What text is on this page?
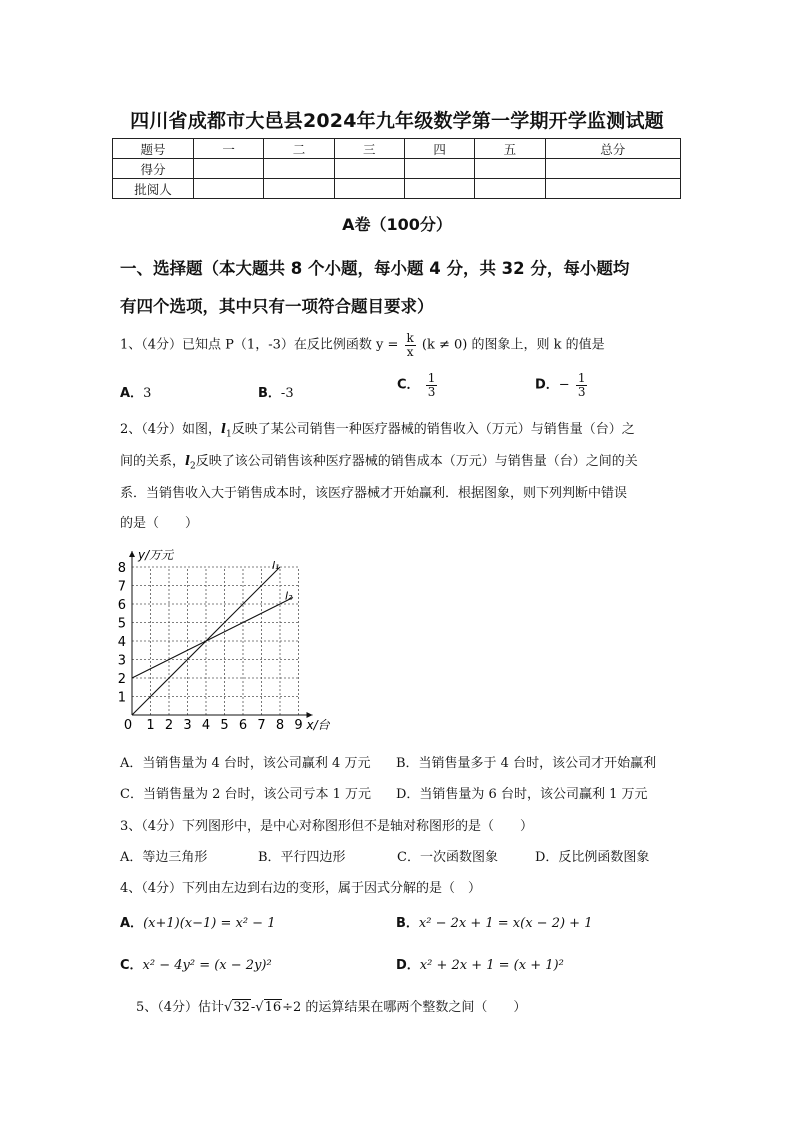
四川省成都市大邑县2024年九年级数学第一学期开学监测试题
题号	一	二	三	四	五	总分
得分						
批阅人						
A卷（100分）
一、选择题（本大题共 8 个小题，每小题 4 分，共 32 分，每小题均
有四个选项，其中只有一项符合题目要求）
1、（4分）已知点 P（1，-3）在反比例函数 $y = \frac{k}{x} (k \ne 0)$ 的图象上，则 k 的值是
A．3	B．-3
C． $\frac{1}{3}$	D．− $\frac{1}{3}$
2、（4分）如图，$l_1$反映了某公司销售一种医疗器械的销售收入（万元）与销售量（台）之
间的关系，$l_2$反映了该公司销售该种医疗器械的销售成本（万元）与销售量（台）之间的关
系．当销售收入大于销售成本时，该医疗器械才开始赢利．根据图象，则下列判断中错误
的是（　　）
y/万元
x/台
0 1 2 3 4 5 6 7 8 9
1
2
3
4
5
6
7
8	l₁
l₂
A．当销售量为 4 台时，该公司赢利 4 万元 B．当销售量多于 4 台时，该公司才开始赢利
C．当销售量为 2 台时，该公司亏本 1 万元 D．当销售量为 6 台时，该公司赢利 1 万元
3、（4分）下列图形中，是中心对称图形但不是轴对称图形的是（　　）
A．等边三角形	B．平行四边形	C．一次函数图象	D．反比例函数图象
4、（4分）下列由左边到右边的变形，属于因式分解的是（　）
A．(x+1)(x−1) = x² − 1	B．x² − 2x + 1 = x(x − 2) + 1
C．x² − 4y² = (x − 2y)²	D．x² + 2x + 1 = (x + 1)²
5、（4分）估计√32-√16÷2 的运算结果在哪两个整数之间（　　）
